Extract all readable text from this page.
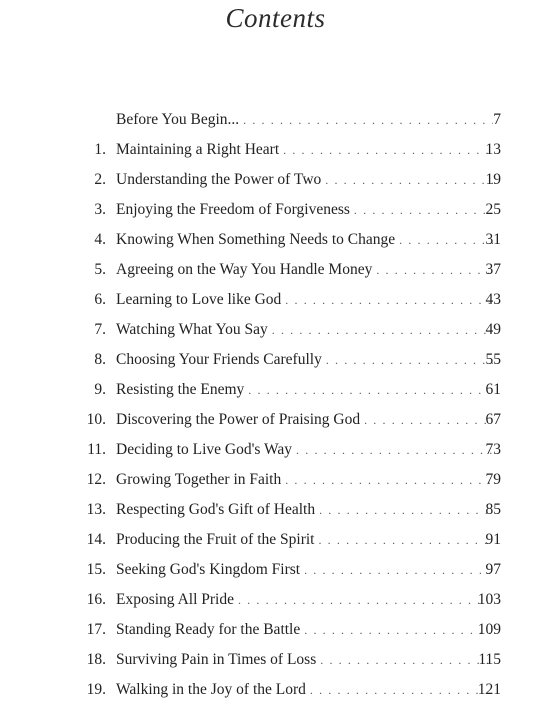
Contents
Before You Begin... . . .	7
1. Maintaining a Right Heart . . .	13
2. Understanding the Power of Two . . .	19
3. Enjoying the Freedom of Forgiveness . . .	25
4. Knowing When Something Needs to Change . . .	31
5. Agreeing on the Way You Handle Money . . .	37
6. Learning to Love like God . . .	43
7. Watching What You Say . . .	49
8. Choosing Your Friends Carefully . . .	55
9. Resisting the Enemy . . .	61
10. Discovering the Power of Praising God . . .	67
11. Deciding to Live God's Way . . .	73
12. Growing Together in Faith . . .	79
13. Respecting God's Gift of Health . . .	85
14. Producing the Fruit of the Spirit . . .	91
15. Seeking God's Kingdom First . . .	97
16. Exposing All Pride . . .	103
17. Standing Ready for the Battle . . .	109
18. Surviving Pain in Times of Loss . . .	115
19. Walking in the Joy of the Lord . . .	121
